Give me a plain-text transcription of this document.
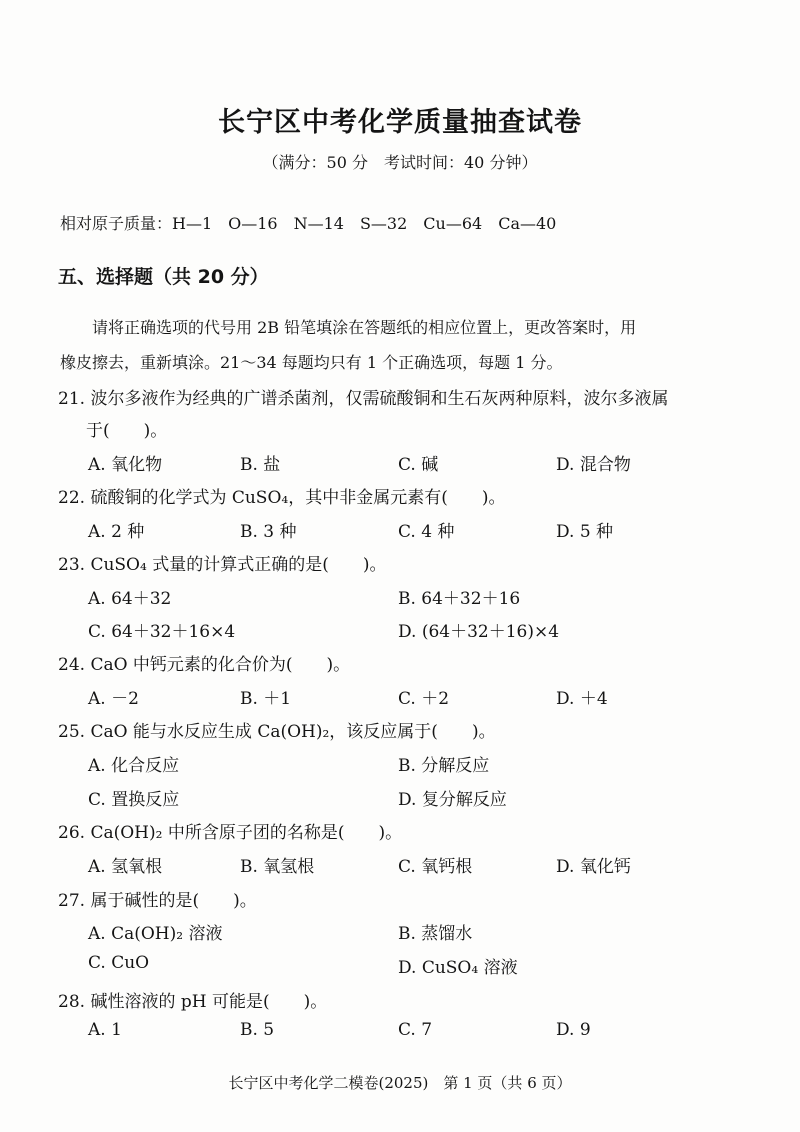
长宁区中考化学质量抽查试卷
（满分：50 分　考试时间：40 分钟）
相对原子质量：H—1　O—16　N—14　S—32　Cu—64　Ca—40
五、选择题（共 20 分）
请将正确选项的代号用 2B 铅笔填涂在答题纸的相应位置上，更改答案时，用
橡皮擦去，重新填涂。21～34 每题均只有 1 个正确选项，每题 1 分。
21. 波尔多液作为经典的广谱杀菌剂，仅需硫酸铜和生石灰两种原料，波尔多液属
于(　　)。
A. 氧化物	B. 盐	C. 碱	D. 混合物
22. 硫酸铜的化学式为 CuSO₄，其中非金属元素有(　　)。
A. 2 种	B. 3 种	C. 4 种	D. 5 种
23. CuSO₄ 式量的计算式正确的是(　　)。
A. 64＋32	B. 64＋32＋16
C. 64＋32＋16×4	D. (64＋32＋16)×4
24. CaO 中钙元素的化合价为(　　)。
A. －2	B. ＋1	C. ＋2	D. ＋4
25. CaO 能与水反应生成 Ca(OH)₂，该反应属于(　　)。
A. 化合反应	B. 分解反应
C. 置换反应	D. 复分解反应
26. Ca(OH)₂ 中所含原子团的名称是(　　)。
A. 氢氧根	B. 氧氢根	C. 氧钙根	D. 氧化钙
27. 属于碱性的是(　　)。
A. Ca(OH)₂ 溶液	B. 蒸馏水
C. CuO	D. CuSO₄ 溶液
28. 碱性溶液的 pH 可能是(　　)。
A. 1	B. 5	C. 7	D. 9
长宁区中考化学二模卷(2025)　第 1 页（共 6 页）
